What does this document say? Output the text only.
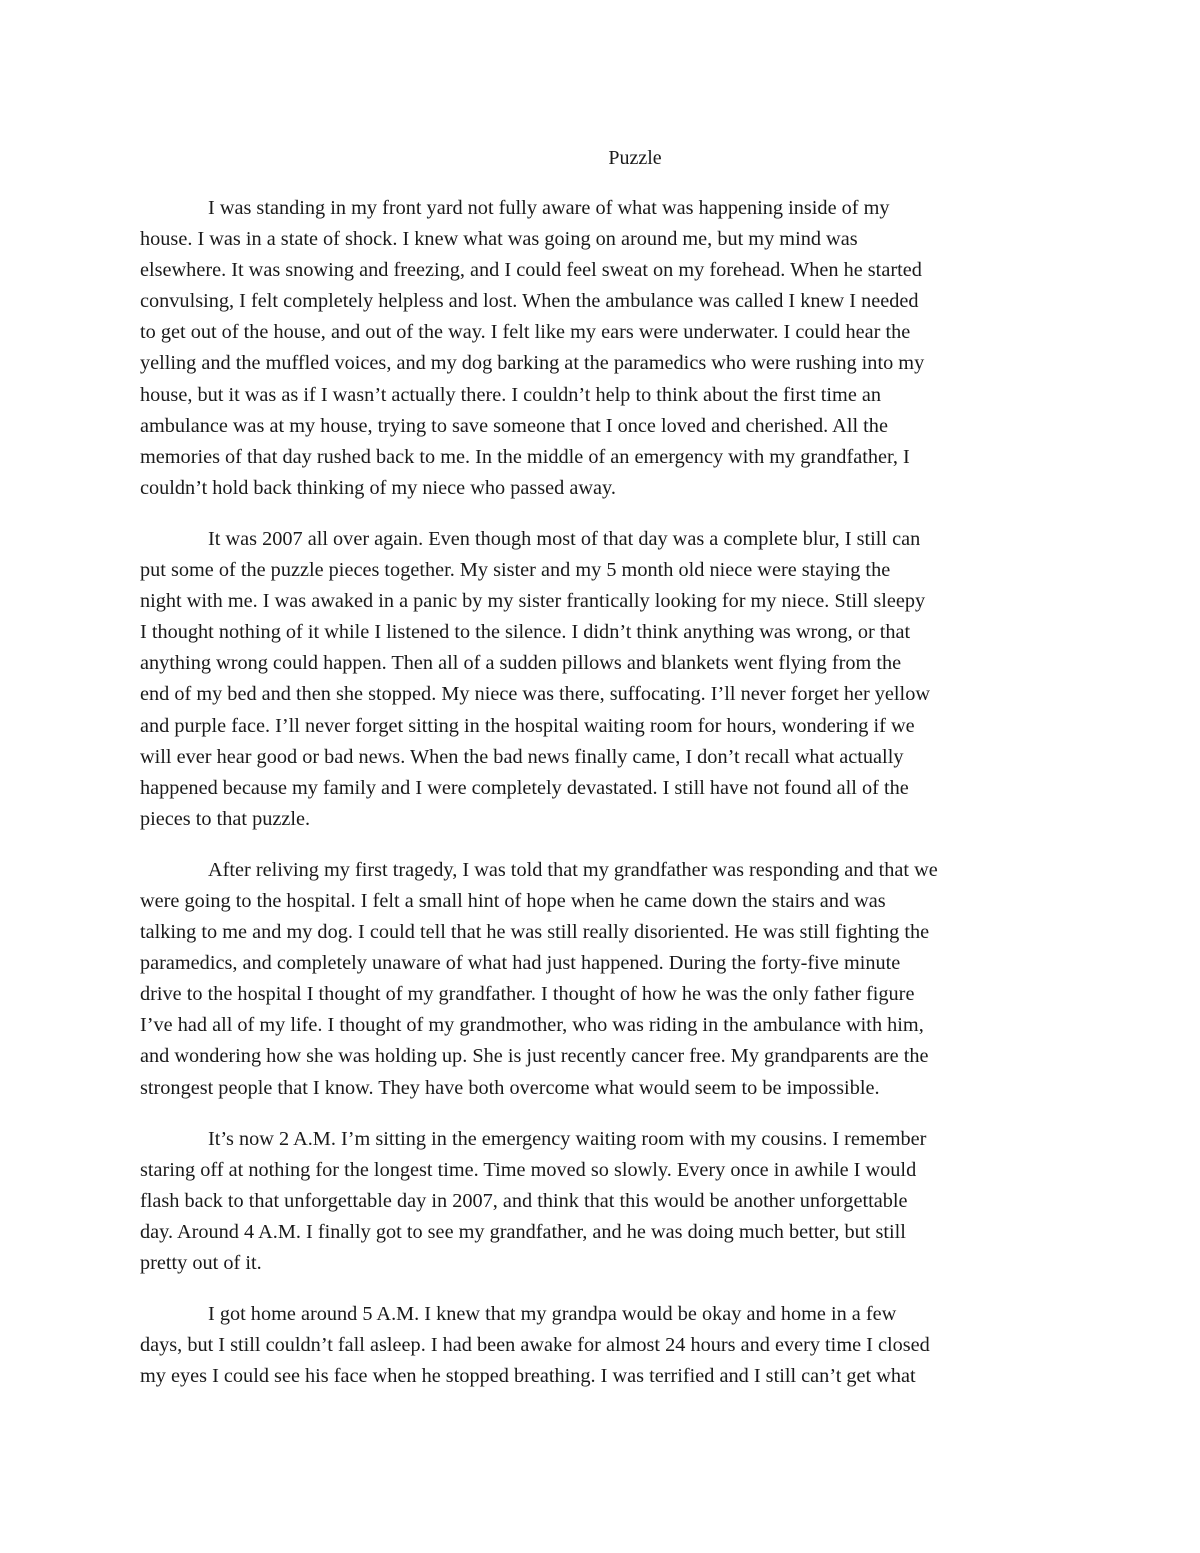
Puzzle

I was standing in my front yard not fully aware of what was happening inside of my
house. I was in a state of shock. I knew what was going on around me, but my mind was
elsewhere. It was snowing and freezing, and I could feel sweat on my forehead. When he started
convulsing, I felt completely helpless and lost. When the ambulance was called I knew I needed
to get out of the house, and out of the way. I felt like my ears were underwater. I could hear the
yelling and the muffled voices, and my dog barking at the paramedics who were rushing into my
house, but it was as if I wasn’t actually there. I couldn’t help to think about the first time an
ambulance was at my house, trying to save someone that I once loved and cherished. All the
memories of that day rushed back to me. In the middle of an emergency with my grandfather, I
couldn’t hold back thinking of my niece who passed away.

It was 2007 all over again. Even though most of that day was a complete blur, I still can
put some of the puzzle pieces together. My sister and my 5 month old niece were staying the
night with me. I was awaked in a panic by my sister frantically looking for my niece. Still sleepy
I thought nothing of it while I listened to the silence. I didn’t think anything was wrong, or that
anything wrong could happen. Then all of a sudden pillows and blankets went flying from the
end of my bed and then she stopped. My niece was there, suffocating. I’ll never forget her yellow
and purple face. I’ll never forget sitting in the hospital waiting room for hours, wondering if we
will ever hear good or bad news. When the bad news finally came, I don’t recall what actually
happened because my family and I were completely devastated. I still have not found all of the
pieces to that puzzle.

After reliving my first tragedy, I was told that my grandfather was responding and that we
were going to the hospital. I felt a small hint of hope when he came down the stairs and was
talking to me and my dog. I could tell that he was still really disoriented. He was still fighting the
paramedics, and completely unaware of what had just happened. During the forty-five minute
drive to the hospital I thought of my grandfather. I thought of how he was the only father figure
I’ve had all of my life. I thought of my grandmother, who was riding in the ambulance with him,
and wondering how she was holding up. She is just recently cancer free. My grandparents are the
strongest people that I know. They have both overcome what would seem to be impossible.

It’s now 2 A.M. I’m sitting in the emergency waiting room with my cousins. I remember
staring off at nothing for the longest time. Time moved so slowly. Every once in awhile I would
flash back to that unforgettable day in 2007, and think that this would be another unforgettable
day. Around 4 A.M. I finally got to see my grandfather, and he was doing much better, but still
pretty out of it.

I got home around 5 A.M. I knew that my grandpa would be okay and home in a few
days, but I still couldn’t fall asleep. I had been awake for almost 24 hours and every time I closed
my eyes I could see his face when he stopped breathing. I was terrified and I still can’t get what
